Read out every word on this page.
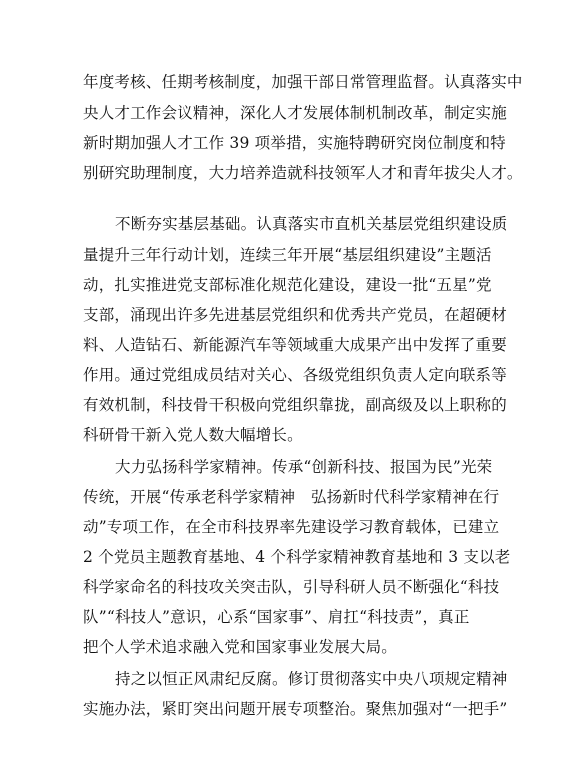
年度考核、任期考核制度，加强干部日常管理监督。认真落实中
央人才工作会议精神，深化人才发展体制机制改革，制定实施
新时期加强人才工作 39 项举措，实施特聘研究岗位制度和特
别研究助理制度，大力培养造就科技领军人才和青年拔尖人才。
不断夯实基层基础。认真落实市直机关基层党组织建设质
量提升三年行动计划，连续三年开展“基层组织建设”主题活
动，扎实推进党支部标准化规范化建设，建设一批“五星”党
支部，涌现出许多先进基层党组织和优秀共产党员，在超硬材
料、人造钻石、新能源汽车等领域重大成果产出中发挥了重要
作用。通过党组成员结对关心、各级党组织负责人定向联系等
有效机制，科技骨干积极向党组织靠拢，副高级及以上职称的
科研骨干新入党人数大幅增长。
大力弘扬科学家精神。传承“创新科技、报国为民”光荣
传统，开展“传承老科学家精神　弘扬新时代科学家精神在行
动”专项工作，在全市科技界率先建设学习教育载体，已建立
2 个党员主题教育基地、4 个科学家精神教育基地和 3 支以老
科学家命名的科技攻关突击队，引导科研人员不断强化“科技
队”“科技人”意识，心系“国家事”、肩扛“科技责”，真正
把个人学术追求融入党和国家事业发展大局。
持之以恒正风肃纪反腐。修订贯彻落实中央八项规定精神
实施办法，紧盯突出问题开展专项整治。聚焦加强对“一把手”
